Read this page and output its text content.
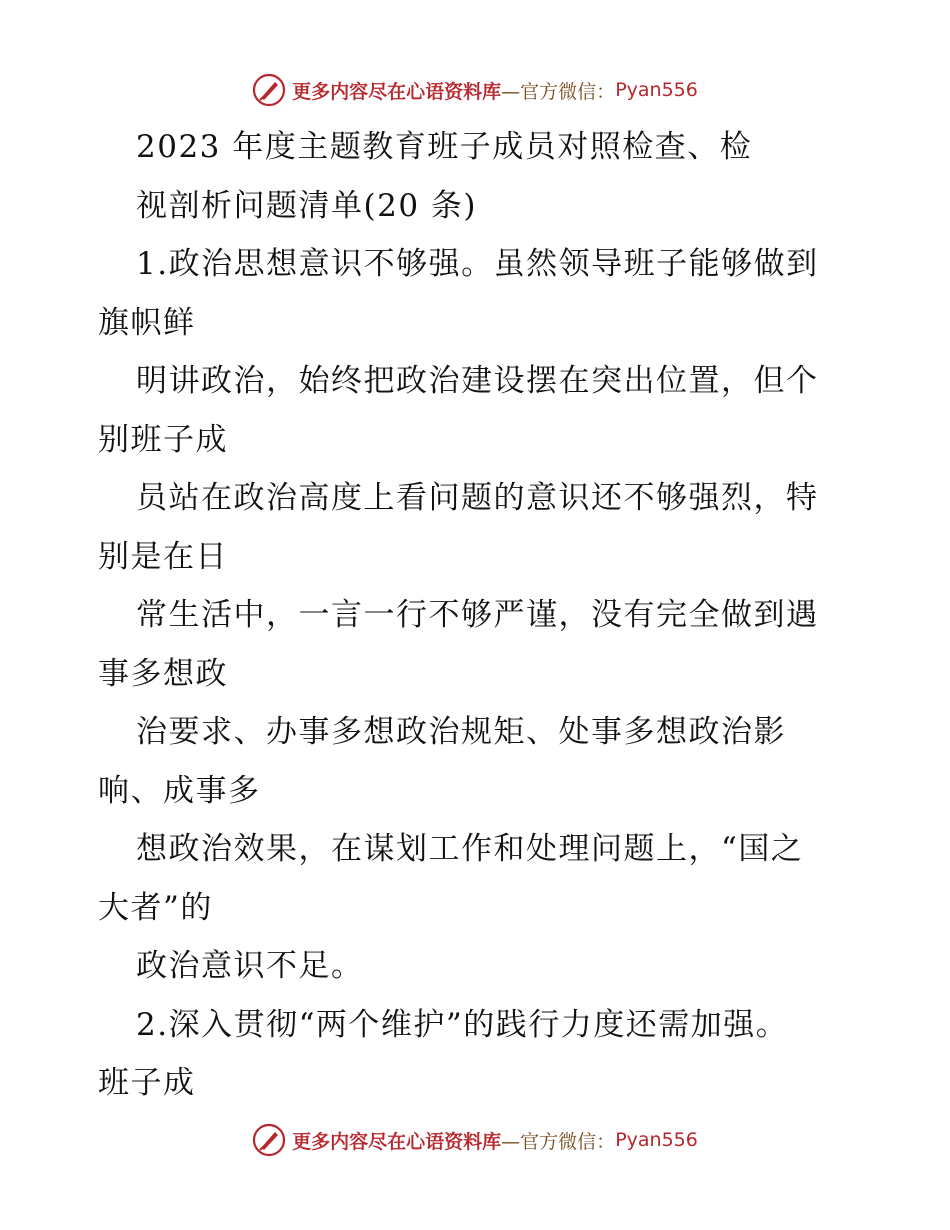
更多内容尽在心语资料库 —官方微信： Pyan556
2023 年度主题教育班子成员对照检查、检
视剖析问题清单(20 条)
1.政治思想意识不够强。虽然领导班子能够做到
旗帜鲜
明讲政治，始终把政治建设摆在突出位置，但个
别班子成
员站在政治高度上看问题的意识还不够强烈，特
别是在日
常生活中，一言一行不够严谨，没有完全做到遇
事多想政
治要求、办事多想政治规矩、处事多想政治影
响、成事多
想政治效果，在谋划工作和处理问题上，“国之
大者”的
政治意识不足。
2.深入贯彻“两个维护”的践行力度还需加强。
班子成
更多内容尽在心语资料库 —官方微信： Pyan556
